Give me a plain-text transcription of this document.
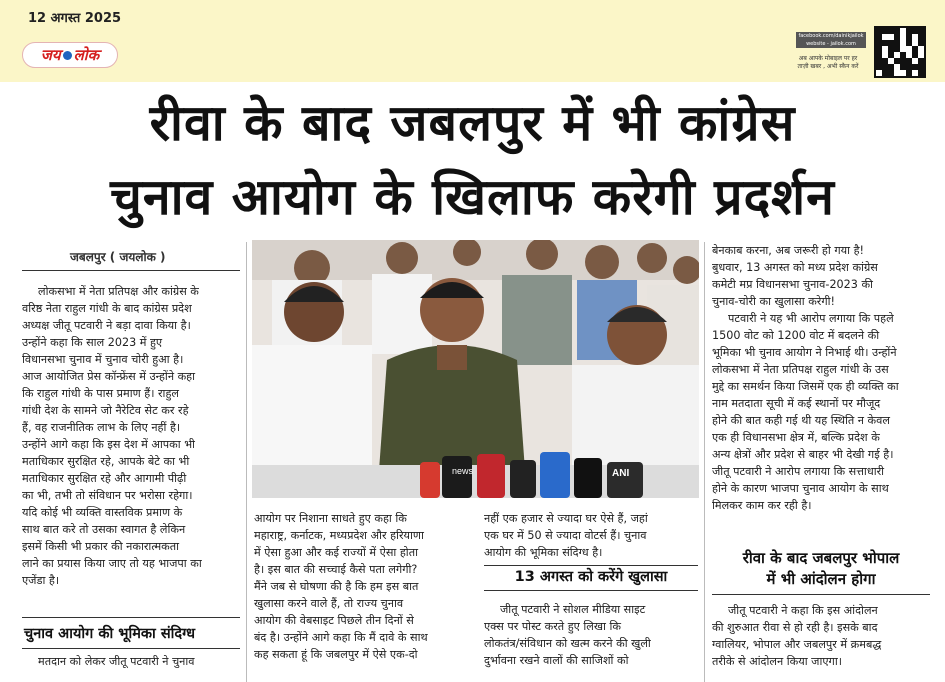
12 अगस्त 2025
जय लोक
facebook.com/dainikjailok
website - jailok.com
अब आपके मोबाइल पर हर
ताज़ी खबर , अभी स्कैन करें
रीवा के बाद जबलपुर में भी कांग्रेस
चुनाव आयोग के खिलाफ करेगी प्रदर्शन
जबलपुर ( जयलोक )

लोकसभा में नेता प्रतिपक्ष और कांग्रेस के

वरिष्ठ नेता राहुल गांधी के बाद कांग्रेस प्रदेश

अध्यक्ष जीतू पटवारी ने बड़ा दावा किया है।

उन्होंने कहा कि साल 2023 में हुए

विधानसभा चुनाव में चुनाव चोरी हुआ है।

आज आयोजित प्रेस कॉन्फ्रेंस में उन्होंने कहा

कि राहुल गांधी के पास प्रमाण हैं। राहुल

गांधी देश के सामने जो नैरेटिव सेट कर रहे

हैं, वह राजनीतिक लाभ के लिए नहीं है।

उन्होंने आगे कहा कि इस देश में आपका भी

मताधिकार सुरक्षित रहे, आपके बेटे का भी

मताधिकार सुरक्षित रहे और आगामी पीढ़ी

का भी, तभी तो संविधान पर भरोसा रहेगा।

यदि कोई भी व्यक्ति वास्तविक प्रमाण के

साथ बात करे तो उसका स्वागत है लेकिन

इसमें किसी भी प्रकार की नकारात्मकता

लाने का प्रयास किया जाए तो यह भाजपा का

एजेंडा है।

चुनाव आयोग की भूमिका संदिग्ध
मतदान को लेकर जीतू पटवारी ने चुनाव
news	ANI

आयोग पर निशाना साधते हुए कहा कि

महाराष्ट्र, कर्नाटक, मध्यप्रदेश और हरियाणा

में ऐसा हुआ और कई राज्यों में ऐसा होता

है। इस बात की सच्चाई कैसे पता लगेगी?

मैंने जब से घोषणा की है कि हम इस बात

खुलासा करने वाले हैं, तो राज्य चुनाव

आयोग की वेबसाइट पिछले तीन दिनों से

बंद है। उन्होंने आगे कहा कि मैं दावे के साथ

कह सकता हूं कि जबलपुर में ऐसे एक-दो

नहीं एक हजार से ज्यादा घर ऐसे हैं, जहां

एक घर में 50 से ज्यादा वोटर्स हैं। चुनाव

आयोग की भूमिका संदिग्ध है।

13 अगस्त को करेंगे खुलासा

जीतू पटवारी ने सोशल मीडिया साइट

एक्स पर पोस्ट करते हुए लिखा कि

लोकतंत्र/संविधान को खत्म करने की खुली

दुर्भावना रखने वालों की साजिशों को

बेनकाब करना, अब जरूरी हो गया है!

बुधवार, 13 अगस्त को मध्य प्रदेश कांग्रेस

कमेटी मप्र विधानसभा चुनाव-2023 की

चुनाव-चोरी का खुलासा करेगी!

पटवारी ने यह भी आरोप लगाया कि पहले

1500 वोट को 1200 वोट में बदलने की

भूमिका भी चुनाव आयोग ने निभाई थी। उन्होंने

लोकसभा में नेता प्रतिपक्ष राहुल गांधी के उस

मुद्दे का समर्थन किया जिसमें एक ही व्यक्ति का

नाम मतदाता सूची में कई स्थानों पर मौजूद

होने की बात कही गई थी यह स्थिति न केवल

एक ही विधानसभा क्षेत्र में, बल्कि प्रदेश के

अन्य क्षेत्रों और प्रदेश से बाहर भी देखी गई है।

जीतू पटवारी ने आरोप लगाया कि सत्ताधारी

होने के कारण भाजपा चुनाव आयोग के साथ

मिलकर काम कर रही है।

रीवा के बाद जबलपुर भोपाल
में भी आंदोलन होगा

जीतू पटवारी ने कहा कि इस आंदोलन

की शुरुआत रीवा से हो रही है। इसके बाद

ग्वालियर, भोपाल और जबलपुर में क्रमबद्ध

तरीके से आंदोलन किया जाएगा।
